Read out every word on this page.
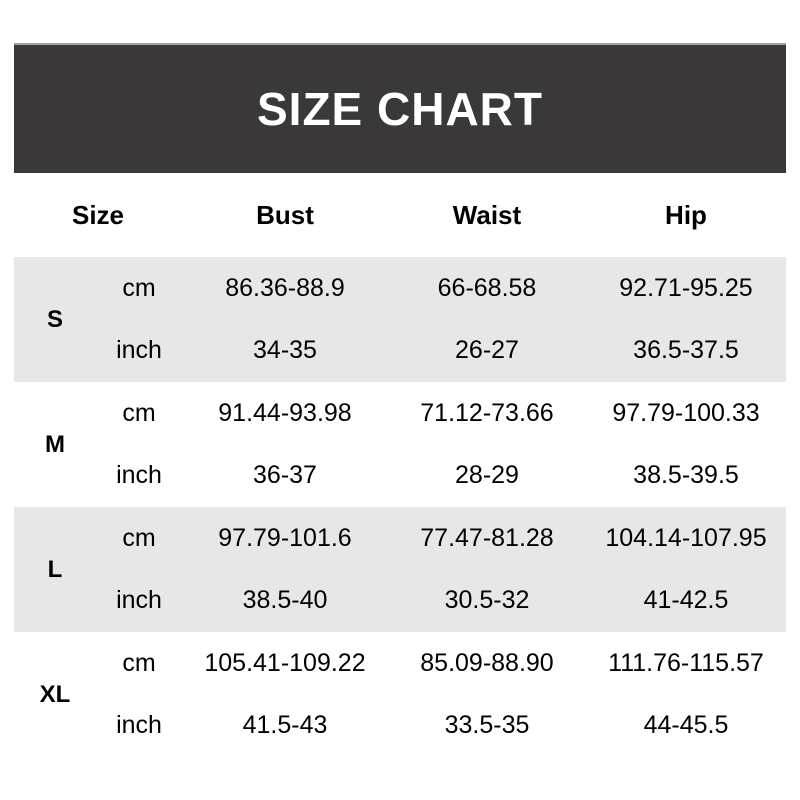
SIZE CHART
Size	Bust	Waist	Hip
S
cm	86.36-88.9	66-68.58	92.71-95.25
inch	34-35	26-27	36.5-37.5
M
cm	91.44-93.98	71.12-73.66	97.79-100.33
inch	36-37	28-29	38.5-39.5
L
cm	97.79-101.6	77.47-81.28	104.14-107.95
inch	38.5-40	30.5-32	41-42.5
XL
cm	105.41-109.22	85.09-88.90	111.76-115.57
inch	41.5-43	33.5-35	44-45.5
